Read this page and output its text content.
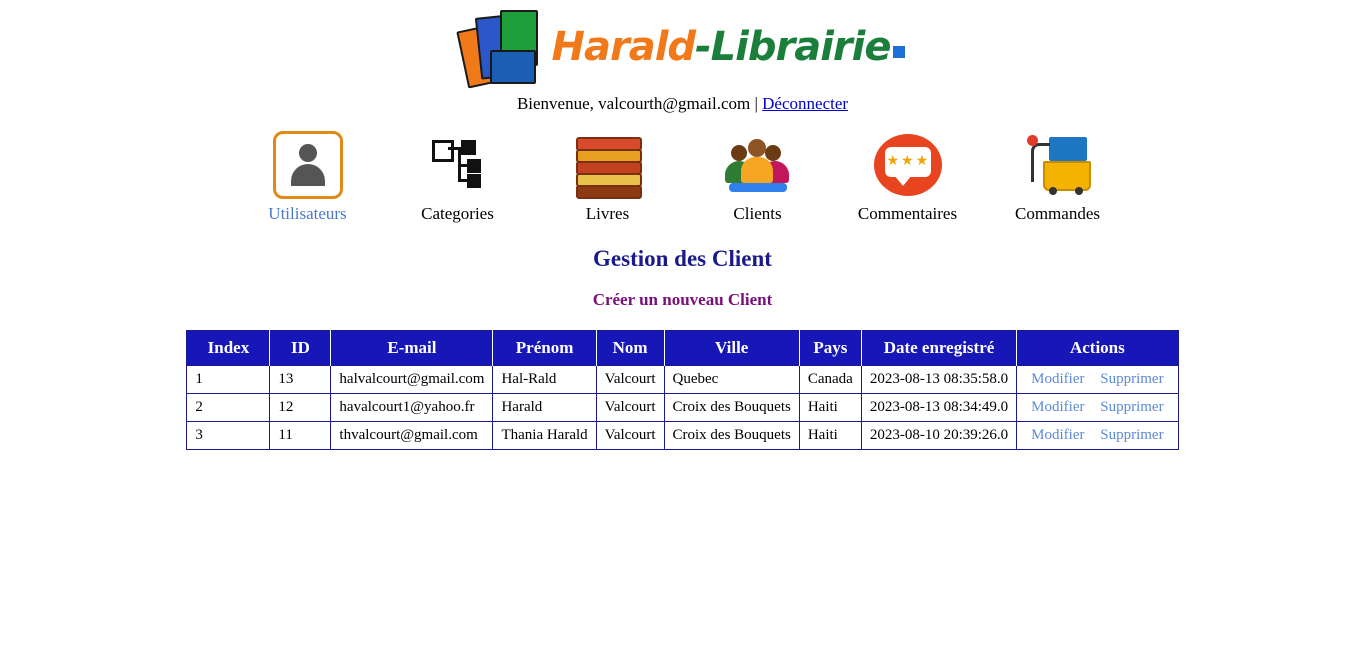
Harald-Librairie
Bienvenue, valcourth@gmail.com | Déconnecter
Utilisateurs	Categories	Livres	Clients
★★★
Commentaires	Commandes
Gestion des Client
Créer un nouveau Client
Index	ID	E-mail	Prénom	Nom	Ville	Pays	Date enregistré	Actions
1	13	halvalcourt@gmail.com	Hal-Rald	Valcourt	Quebec	Canada	2023-08-13 08:35:58.0	Modifier Supprimer
2	12	havalcourt1@yahoo.fr	Harald	Valcourt	Croix des Bouquets	Haiti	2023-08-13 08:34:49.0	Modifier Supprimer
3	11	thvalcourt@gmail.com	Thania Harald	Valcourt	Croix des Bouquets	Haiti	2023-08-10 20:39:26.0	Modifier Supprimer
